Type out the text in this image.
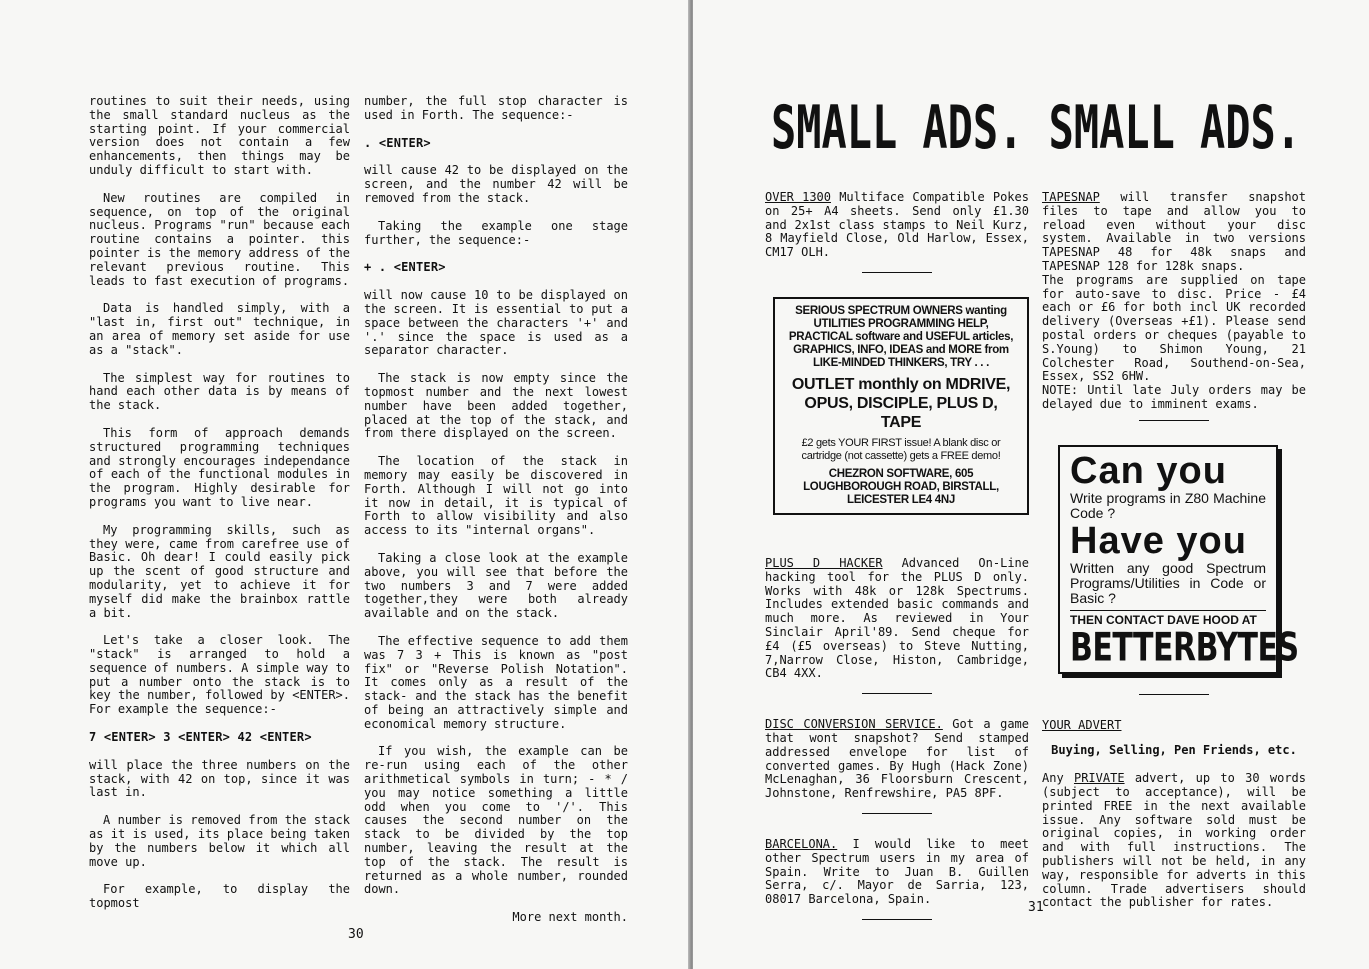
routines to suit their needs, using the small standard nucleus as the starting point. If your commercial version does not contain a few enhancements, then things may be unduly difficult to start with.

New routines are compiled in sequence, on top of the original nucleus. Programs "run" because each routine contains a pointer. this pointer is the memory address of the relevant previous routine. This leads to fast execution of programs.

Data is handled simply, with a "last in, first out" technique, in an area of memory set aside for use as a "stack".

The simplest way for routines to hand each other data is by means of the stack.

This form of approach demands structured programming techniques and strongly encourages independance of each of the functional modules in the program. Highly desirable for programs you want to live near.

My programming skills, such as they were, came from carefree use of Basic. Oh dear! I could easily pick up the scent of good structure and modularity, yet to achieve it for myself did make the brainbox rattle a bit.

Let's take a closer look. The "stack" is arranged to hold a sequence of numbers. A simple way to put a number onto the stack is to key the number, followed by <ENTER>. For example the sequence:-

7 <ENTER> 3 <ENTER> 42 <ENTER>

will place the three numbers on the stack, with 42 on top, since it was last in.

A number is removed from the stack as it is used, its place being taken by the numbers below it which all move up.

For example, to display the topmost

number, the full stop character is used in Forth. The sequence:-

. <ENTER>

will cause 42 to be displayed on the screen, and the number 42 will be removed from the stack.

Taking the example one stage further, the sequence:-

+ . <ENTER>

will now cause 10 to be displayed on the screen. It is essential to put a space between the characters '+' and '.' since the space is used as a separator character.

The stack is now empty since the topmost number and the next lowest number have been added together, placed at the top of the stack, and from there displayed on the screen.

The location of the stack in memory may easily be discovered in Forth. Although I will not go into it now in detail, it is typical of Forth to allow visibility and also access to its "internal organs".

Taking a close look at the example above, you will see that before the two numbers 3 and 7 were added together,they were both already available and on the stack.

The effective sequence to add them was 7 3 + This is known as "post fix" or "Reverse Polish Notation". It comes only as a result of the stack- and the stack has the benefit of being an attractively simple and economical memory structure.

If you wish, the example can be re-run using each of the other arithmetical symbols in turn; - * / you may notice something a little odd when you come to '/'. This causes the second number on the stack to be divided by the top number, leaving the result at the top of the stack. The result is returned as a whole number, rounded down.

More next month.

30
SMALL ADS. SMALL ADS.
OVER 1300 Multiface Compatible Pokes on 25+ A4 sheets. Send only £1.30 and 2x1st class stamps to Neil Kurz, 8 Mayfield Close, Old Harlow, Essex, CM17 OLH.
SERIOUS SPECTRUM OWNERS wanting UTILITIES PROGRAMMING HELP, PRACTICAL software and USEFUL articles, GRAPHICS, INFO, IDEAS and MORE from LIKE-MINDED THINKERS, TRY . . .
OUTLET monthly on MDRIVE, OPUS, DISCIPLE, PLUS D, TAPE
£2 gets YOUR FIRST issue! A blank disc or cartridge (not cassette) gets a FREE demo!
CHEZRON SOFTWARE, 605 LOUGHBOROUGH ROAD, BIRSTALL, LEICESTER LE4 4NJ
PLUS D HACKER Advanced On-Line hacking tool for the PLUS D only. Works with 48k or 128k Spectrums. Includes extended basic commands and much more. As reviewed in Your Sinclair April'89. Send cheque for £4 (£5 overseas) to Steve Nutting, 7,Narrow Close, Histon, Cambridge, CB4 4XX.
DISC CONVERSION SERVICE. Got a game that wont snapshot? Send stamped addressed envelope for list of converted games. By Hugh (Hack Zone) McLenaghan, 36 Floorsburn Crescent, Johnstone, Renfrewshire, PA5 8PF.
BARCELONA. I would like to meet other Spectrum users in my area of Spain. Write to Juan B. Guillen Serra, c/. Mayor de Sarria, 123, 08017 Barcelona, Spain.
TAPESNAP will transfer snapshot files to tape and allow you to reload even without your disc system. Available in two versions TAPESNAP 48 for 48k snaps and TAPESNAP 128 for 128k snaps.
The programs are supplied on tape for auto-save to disc. Price - £4 each or £6 for both incl UK recorded delivery (Overseas +£1). Please send postal orders or cheques (payable to S.Young) to Shimon Young, 21 Colchester Road, Southend-on-Sea, Essex, SS2 6HW.
NOTE: Until late July orders may be delayed due to imminent exams.
Can you
Write programs in Z80 Machine Code ?
Have you
Written any good Spectrum Programs/Utilities in Code or Basic ?
THEN CONTACT DAVE HOOD AT
BETTERBYTES
YOUR ADVERT
Buying, Selling, Pen Friends, etc.
Any PRIVATE advert, up to 30 words (subject to acceptance), will be printed FREE in the next available issue. Any software sold must be original copies, in working order and with full instructions. The publishers will not be held, in any way, responsible for adverts in this column. Trade advertisers should contact the publisher for rates.
31
